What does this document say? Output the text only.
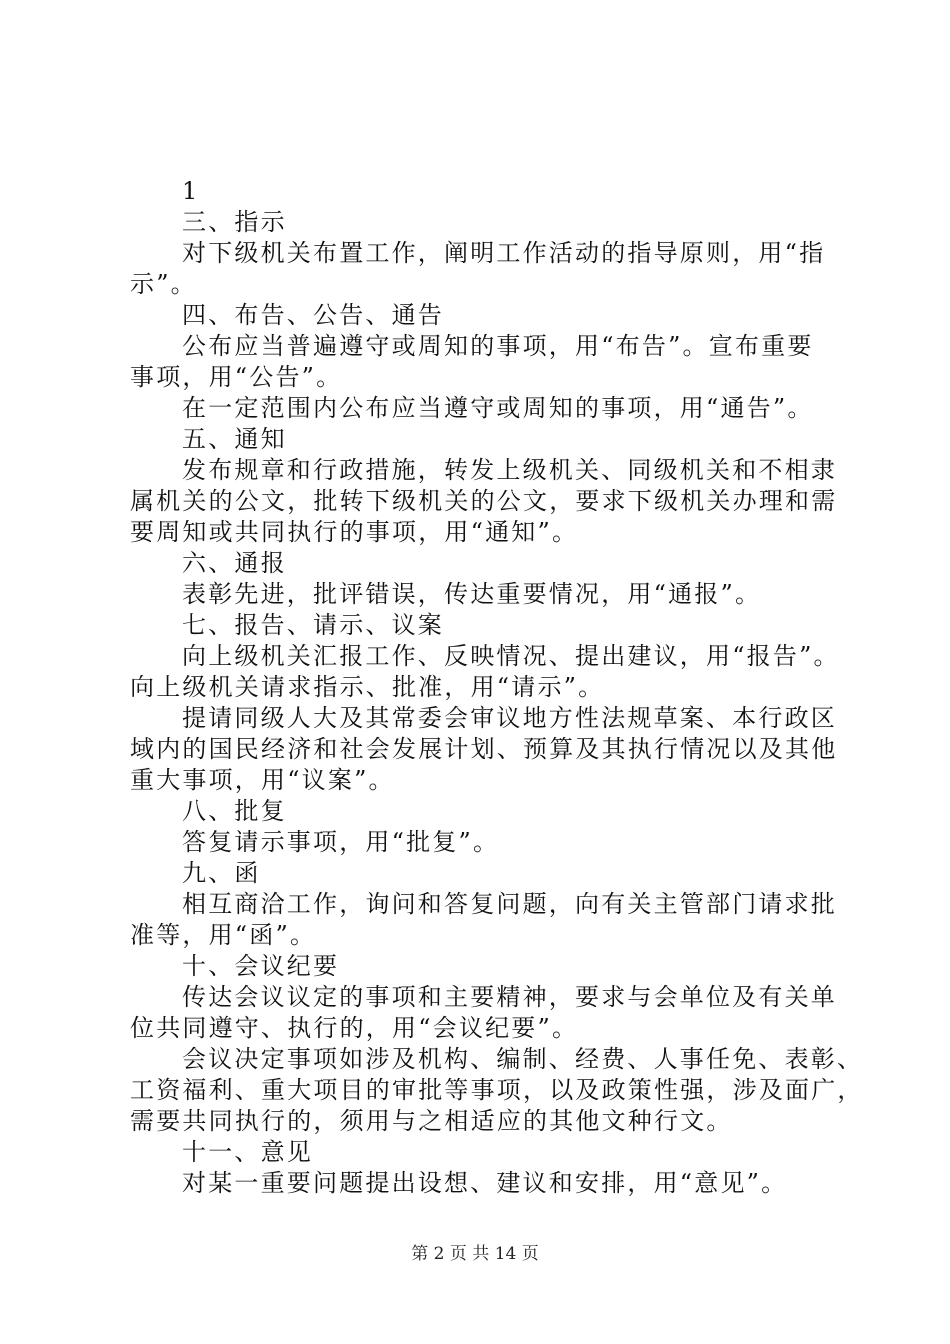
1
三、指示
对下级机关布置工作，阐明工作活动的指导原则，用“指
示”。
四、布告、公告、通告
公布应当普遍遵守或周知的事项，用“布告”。宣布重要
事项，用“公告”。
在一定范围内公布应当遵守或周知的事项，用“通告”。
五、通知
发布规章和行政措施，转发上级机关、同级机关和不相隶
属机关的公文，批转下级机关的公文，要求下级机关办理和需
要周知或共同执行的事项，用“通知”。
六、通报
表彰先进，批评错误，传达重要情况，用“通报”。
七、报告、请示、议案
向上级机关汇报工作、反映情况、提出建议，用“报告”。
向上级机关请求指示、批准，用“请示”。
提请同级人大及其常委会审议地方性法规草案、本行政区
域内的国民经济和社会发展计划、预算及其执行情况以及其他
重大事项，用“议案”。
八、批复
答复请示事项，用“批复”。
九、函
相互商洽工作，询问和答复问题，向有关主管部门请求批
准等，用“函”。
十、会议纪要
传达会议议定的事项和主要精神，要求与会单位及有关单
位共同遵守、执行的，用“会议纪要”。
会议决定事项如涉及机构、编制、经费、人事任免、表彰、
工资福利、重大项目的审批等事项，以及政策性强，涉及面广，
需要共同执行的，须用与之相适应的其他文种行文。
十一、意见
对某一重要问题提出设想、建议和安排，用“意见”。
第 2 页 共 14 页
